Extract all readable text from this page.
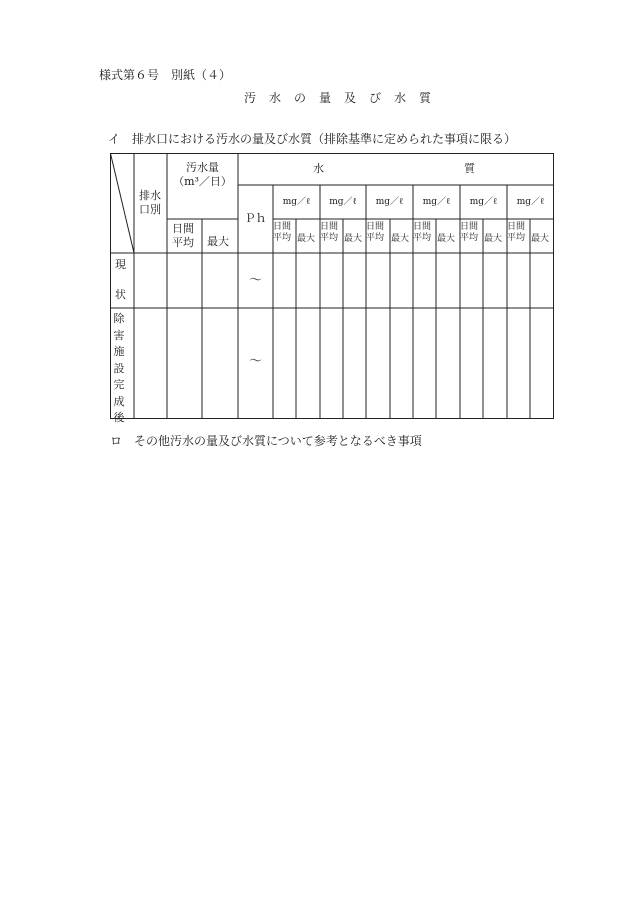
様式第６号　別紙（４）
汚水の量及び水質
イ　排水口における汚水の量及び水質（排除基準に定められた事項に限る）
排水
口別
汚水量
（m³／日）
日間
平均 最大
水	質
Ｐｈ
mg／ℓ
日間
平均 最大
mg／ℓ
日間
平均 最大
mg／ℓ
日間
平均 最大
mg／ℓ
日間
平均 最大
mg／ℓ
日間
平均 最大
mg／ℓ
日間
平均 最大
現
状
～
除
害
施
設
完
成
後
～
ロ　その他汚水の量及び水質について参考となるべき事項
